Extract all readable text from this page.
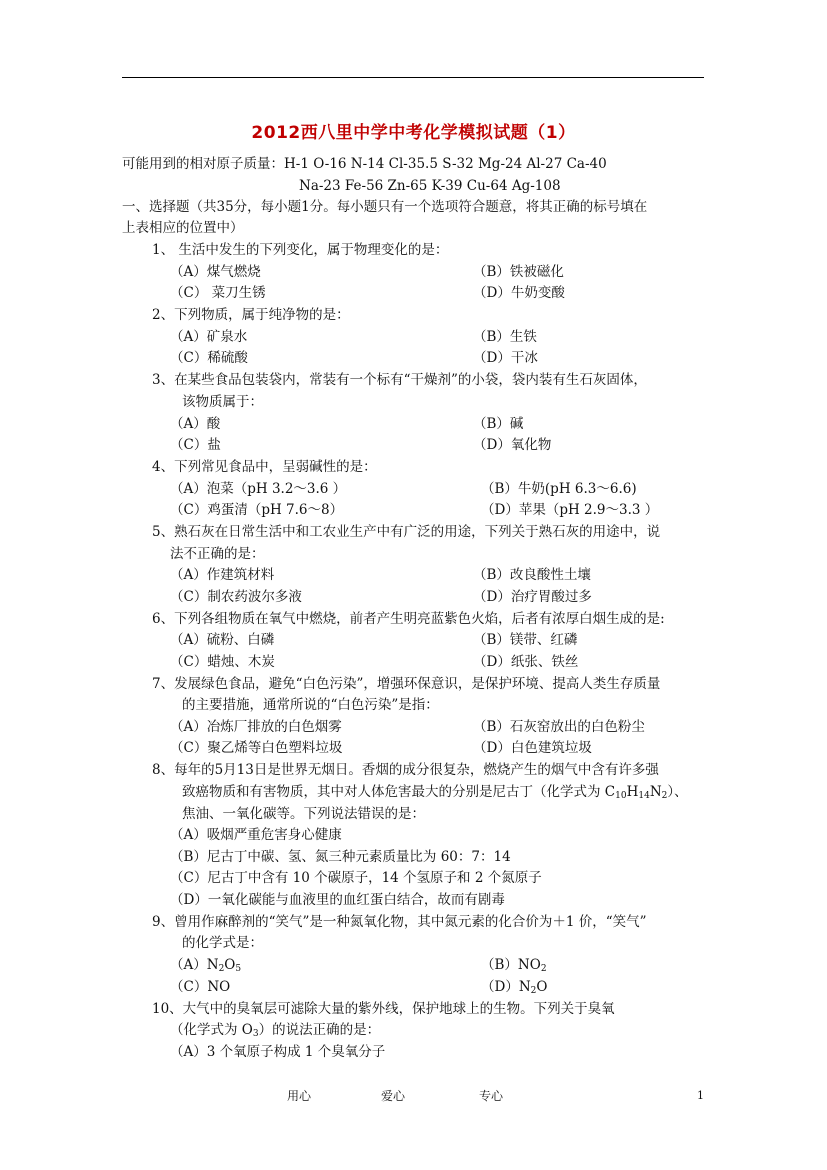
2012西八里中学中考化学模拟试题（1）
可能用到的相对原子质量：H-1 O-16 N-14 Cl-35.5 S-32 Mg-24 Al-27 Ca-40
Na-23 Fe-56 Zn-65 K-39 Cu-64 Ag-108
一、选择题（共35分，每小题1分。每小题只有一个选项符合题意，将其正确的标号填在
上表相应的位置中）
1、 生活中发生的下列变化，属于物理变化的是：
（A）煤气燃烧	（B）铁被磁化
（C） 菜刀生锈	（D）牛奶变酸
2、下列物质，属于纯净物的是：
（A）矿泉水	（B）生铁
（C）稀硫酸	（D）干冰
3、在某些食品包装袋内，常装有一个标有“干燥剂”的小袋，袋内装有生石灰固体，
该物质属于：
（A）酸	（B）碱
（C）盐	（D）氧化物
4、下列常见食品中，呈弱碱性的是：
（A）泡菜（pH 3.2～3.6 ）	（B）牛奶(pH 6.3～6.6)
（C）鸡蛋清（pH 7.6～8）	（D）苹果（pH 2.9～3.3 ）
5、熟石灰在日常生活中和工农业生产中有广泛的用途，下列关于熟石灰的用途中，说
法不正确的是：
（A）作建筑材料	（B）改良酸性土壤
（C）制农药波尔多液	（D）治疗胃酸过多
6、下列各组物质在氧气中燃烧，前者产生明亮蓝紫色火焰，后者有浓厚白烟生成的是:
（A）硫粉、白磷	（B）镁带、红磷
（C）蜡烛、木炭	（D）纸张、铁丝
7、发展绿色食品，避免“白色污染”，增强环保意识，是保护环境、提高人类生存质量
的主要措施，通常所说的“白色污染”是指：
（A）冶炼厂排放的白色烟雾	（B）石灰窑放出的白色粉尘
（C）聚乙烯等白色塑料垃圾	（D）白色建筑垃圾
8、每年的5月13日是世界无烟日。香烟的成分很复杂，燃烧产生的烟气中含有许多强
致癌物质和有害物质，其中对人体危害最大的分别是尼古丁（化学式为 $C_{10}H_{14}N_2$）、
焦油、一氧化碳等。下列说法错误的是：
（A）吸烟严重危害身心健康
（B）尼古丁中碳、氢、氮三种元素质量比为 60：7：14
（C）尼古丁中含有 10 个碳原子，14 个氢原子和 2 个氮原子
（D）一氧化碳能与血液里的血红蛋白结合，故而有剧毒
9、曾用作麻醉剂的“笑气”是一种氮氧化物，其中氮元素的化合价为＋1 价，“笑气”
的化学式是：
$(A)N_2O_5$	$(B)NO_2$
（C）NO	$(D)N_2O$
10、大气中的臭氧层可滤除大量的紫外线，保护地球上的生物。下列关于臭氧
（化学式为 $O_3$）的说法正确的是：
（A）3 个氧原子构成 1 个臭氧分子
用心	爱心	专心	1
